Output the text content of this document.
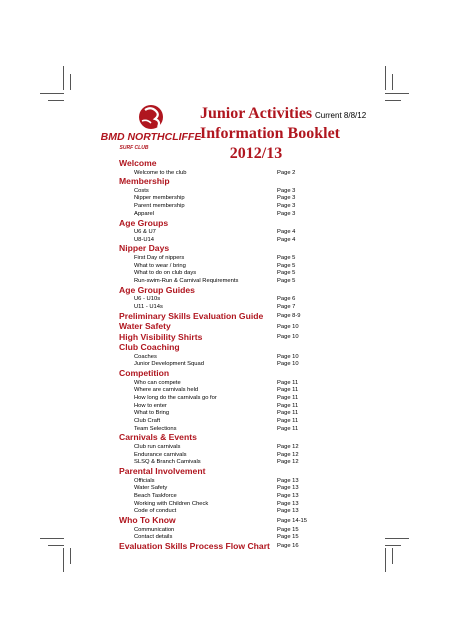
BMD NORTHCLIFFE
SURF CLUB
Junior Activities
Information Booklet
2012/13
Current 8/8/12
Welcome
Welcome to the club	Page 2
Membership
Costs	Page 3
Nipper membership	Page 3
Parent membership	Page 3
Apparel	Page 3
Age Groups
U6 & U7	Page 4
U8-U14	Page 4
Nipper Days
First Day of nippers	Page 5
What to wear / bring	Page 5
What to do on club days	Page 5
Run-swim-Run & Carnival Requirements	Page 5
Age Group Guides
U6 - U10s	Page 6
U11 - U14s	Page 7
Preliminary Skills Evaluation Guide Page 8-9
Water Safety	Page 10
High Visibility Shirts	Page 10
Club Coaching
Coaches	Page 10
Junior Development Squad	Page 10
Competition
Who can compete	Page 11
Where are carnivals held	Page 11
How long do the carnivals go for	Page 11
How to enter	Page 11
What to Bring	Page 11
Club Craft	Page 11
Team Selections	Page 11
Carnivals & Events
Club run carnivals	Page 12
Endurance carnivals	Page 12
SLSQ & Branch Carnivals	Page 12
Parental Involvement
Officials	Page 13
Water Safety	Page 13
Beach Taskforce	Page 13
Working with Children Check	Page 13
Code of conduct	Page 13
Who To Know	Page 14-15
Communication	Page 15
Contact details	Page 15
Evaluation Skills Process Flow Chart Page 16
